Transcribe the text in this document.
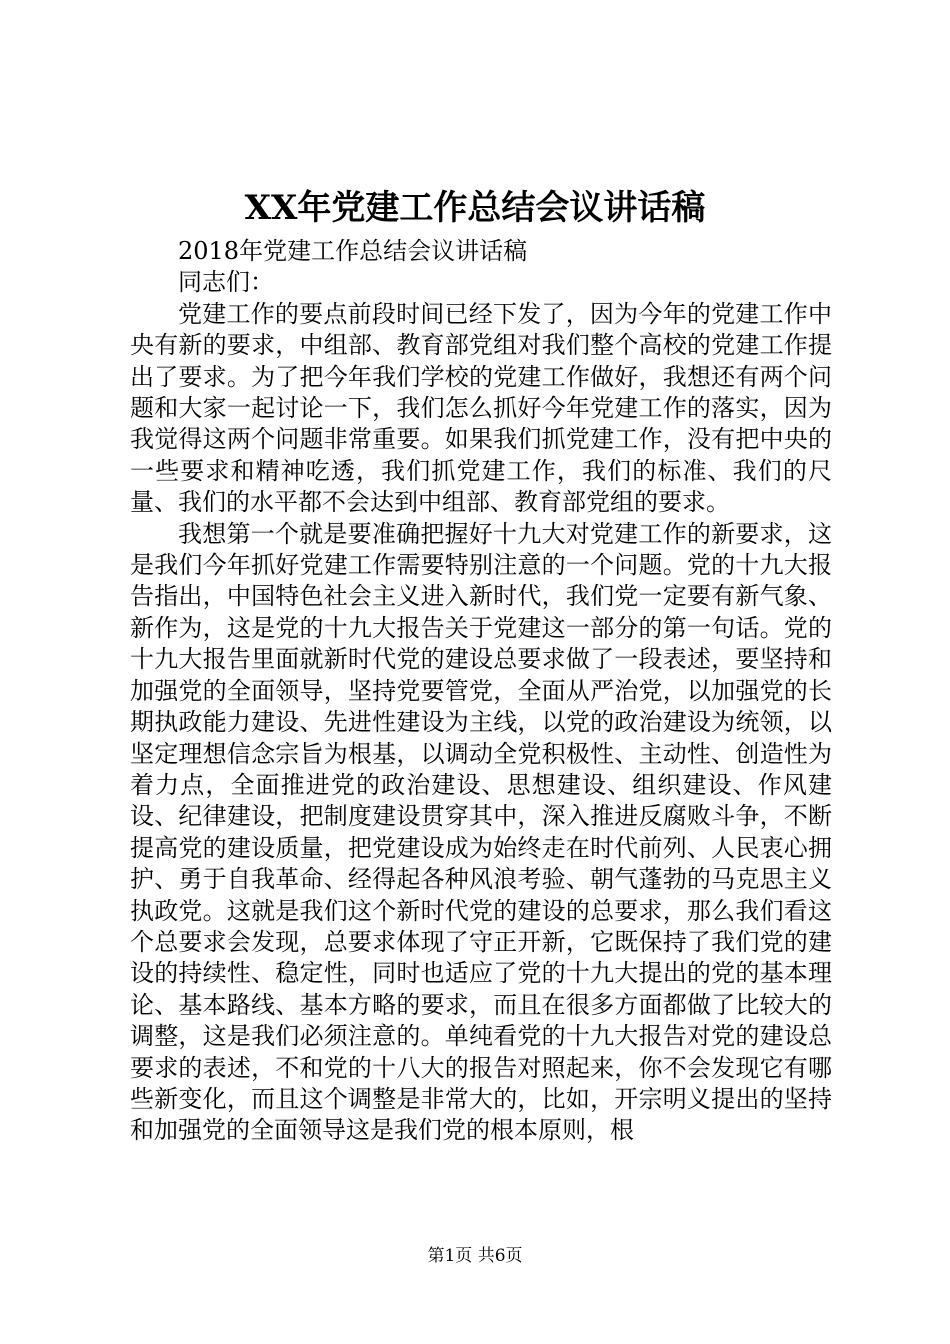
XX年党建工作总结会议讲话稿

2018年党建工作总结会议讲话稿

同志们：

党建工作的要点前段时间已经下发了，因为今年的党建工作中央有新的要求，中组部、教育部党组对我们整个高校的党建工作提出了要求。为了把今年我们学校的党建工作做好，我想还有两个问题和大家一起讨论一下，我们怎么抓好今年党建工作的落实，因为我觉得这两个问题非常重要。如果我们抓党建工作，没有把中央的一些要求和精神吃透，我们抓党建工作，我们的标准、我们的尺量、我们的水平都不会达到中组部、教育部党组的要求。

我想第一个就是要准确把握好十九大对党建工作的新要求，这是我们今年抓好党建工作需要特别注意的一个问题。党的十九大报告指出，中国特色社会主义进入新时代，我们党一定要有新气象、新作为，这是党的十九大报告关于党建这一部分的第一句话。党的十九大报告里面就新时代党的建设总要求做了一段表述，要坚持和加强党的全面领导，坚持党要管党，全面从严治党，以加强党的长期执政能力建设、先进性建设为主线，以党的政治建设为统领，以坚定理想信念宗旨为根基，以调动全党积极性、主动性、创造性为着力点，全面推进党的政治建设、思想建设、组织建设、作风建设、纪律建设，把制度建设贯穿其中，深入推进反腐败斗争，不断提高党的建设质量，把党建设成为始终走在时代前列、人民衷心拥护、勇于自我革命、经得起各种风浪考验、朝气蓬勃的马克思主义执政党。这就是我们这个新时代党的建设的总要求，那么我们看这个总要求会发现，总要求体现了守正开新，它既保持了我们党的建设的持续性、稳定性，同时也适应了党的十九大提出的党的基本理论、基本路线、基本方略的要求，而且在很多方面都做了比较大的调整，这是我们必须注意的。单纯看党的十九大报告对党的建设总要求的表述，不和党的十八大的报告对照起来，你不会发现它有哪些新变化，而且这个调整是非常大的，比如，开宗明义提出的坚持和加强党的全面领导这是我们党的根本原则，根

第1页 共6页
